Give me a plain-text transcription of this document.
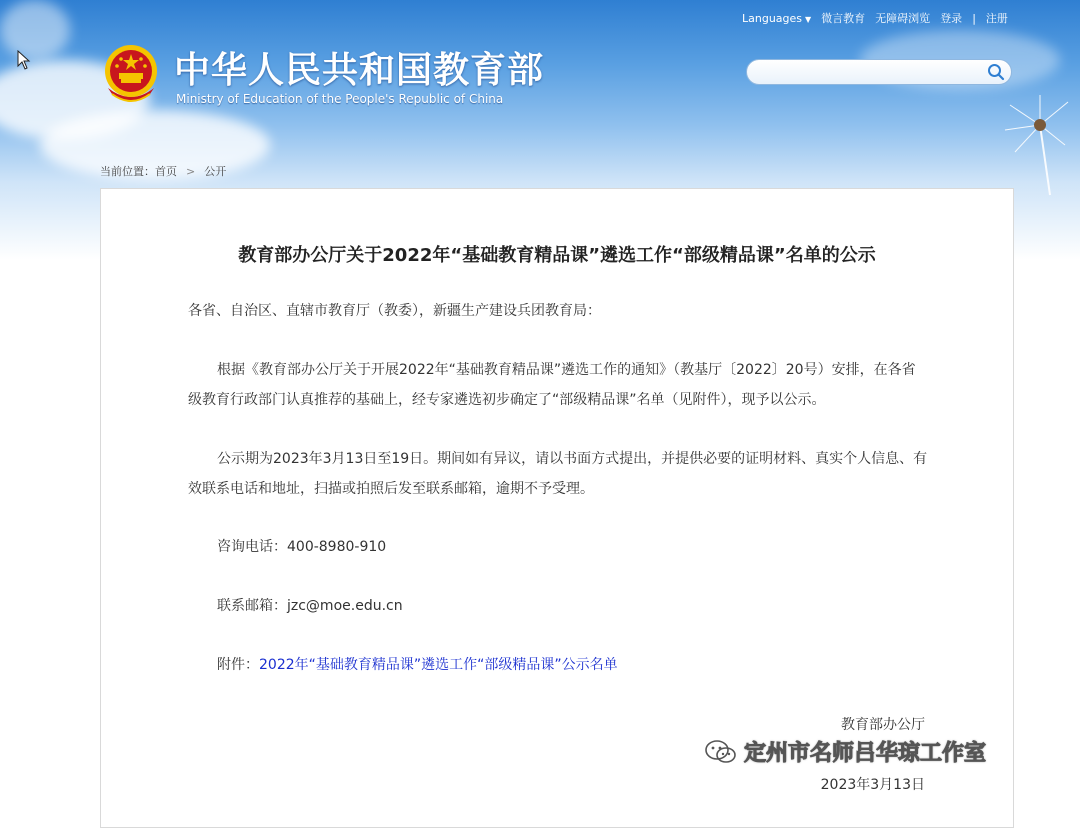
Languages ▼ 微言教育 无障碍浏览 登录 | 注册
中华人民共和国教育部
Ministry of Education of the People's Republic of China
当前位置：首页 > 公开
教育部办公厅关于2022年“基础教育精品课”遴选工作“部级精品课”名单的公示
各省、自治区、直辖市教育厅（教委），新疆生产建设兵团教育局：
根据《教育部办公厅关于开展2022年“基础教育精品课”遴选工作的通知》（教基厅〔2022〕20号）安排，在各省级教育行政部门认真推荐的基础上，经专家遴选初步确定了“部级精品课”名单（见附件），现予以公示。
公示期为2023年3月13日至19日。期间如有异议，请以书面方式提出，并提供必要的证明材料、真实个人信息、有效联系电话和地址，扫描或拍照后发至联系邮箱，逾期不予受理。
咨询电话：400-8980-910
联系邮箱：jzc@moe.edu.cn
附件：2022年“基础教育精品课”遴选工作“部级精品课”公示名单
教育部办公厅
2023年3月13日
定州市名师吕华琼工作室
